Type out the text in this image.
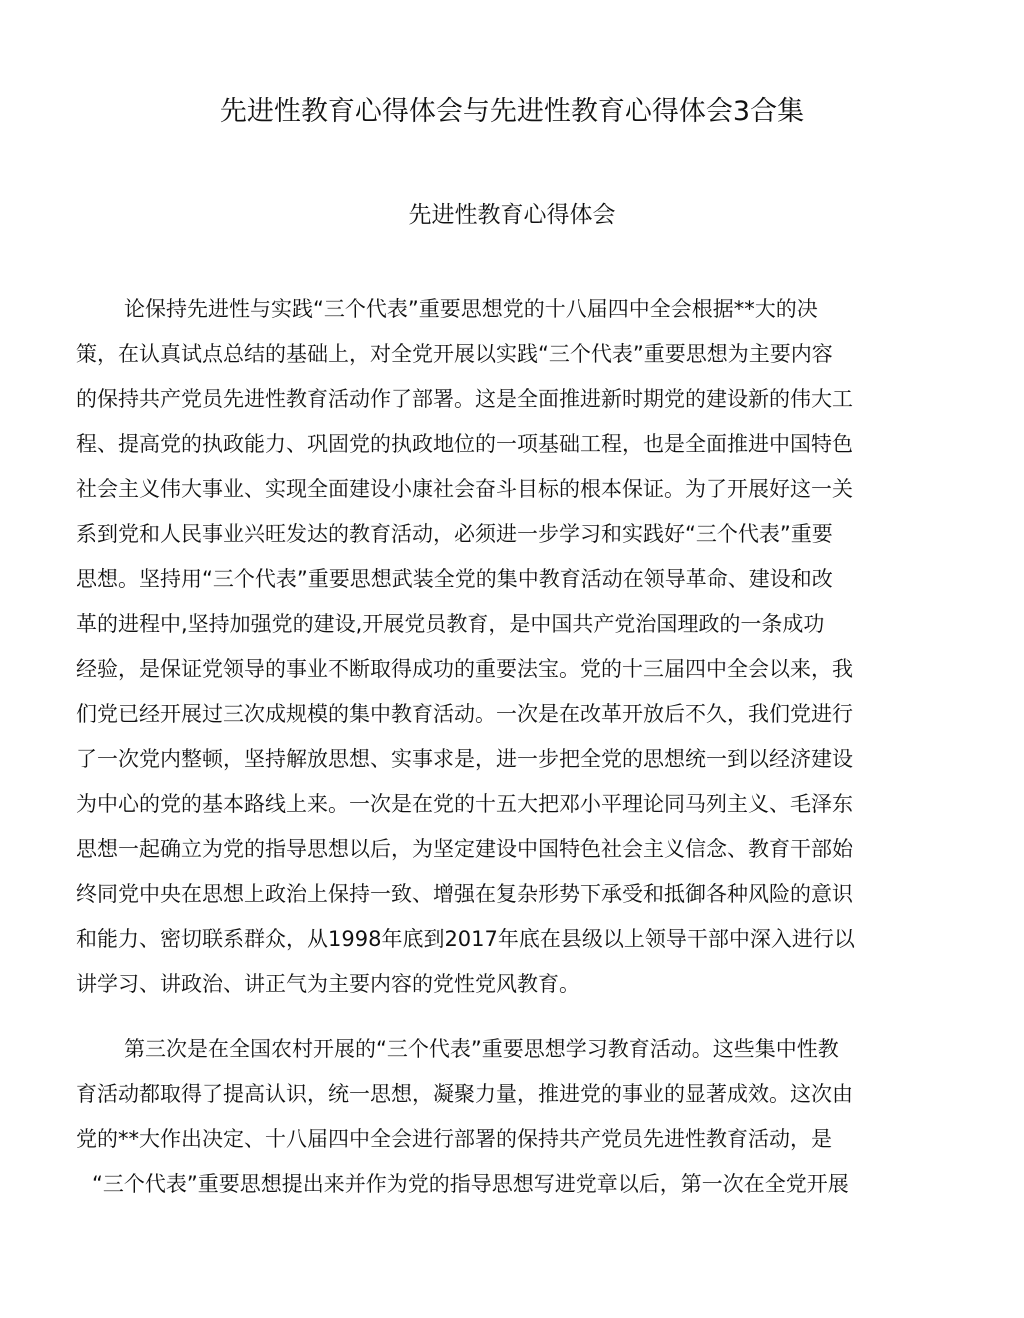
先进性教育心得体会与先进性教育心得体会3合集
先进性教育心得体会
论保持先进性与实践“三个代表”重要思想党的十八届四中全会根据**大的决
策，在认真试点总结的基础上，对全党开展以实践“三个代表”重要思想为主要内容
的保持共产党员先进性教育活动作了部署。这是全面推进新时期党的建设新的伟大工
程、提高党的执政能力、巩固党的执政地位的一项基础工程，也是全面推进中国特色
社会主义伟大事业、实现全面建设小康社会奋斗目标的根本保证。为了开展好这一关
系到党和人民事业兴旺发达的教育活动，必须进一步学习和实践好“三个代表”重要
思想。坚持用“三个代表”重要思想武装全党的集中教育活动在领导革命、建设和改
革的进程中,坚持加强党的建设,开展党员教育，是中国共产党治国理政的一条成功
经验，是保证党领导的事业不断取得成功的重要法宝。党的十三届四中全会以来，我
们党已经开展过三次成规模的集中教育活动。一次是在改革开放后不久，我们党进行
了一次党内整顿，坚持解放思想、实事求是，进一步把全党的思想统一到以经济建设
为中心的党的基本路线上来。一次是在党的十五大把邓小平理论同马列主义、毛泽东
思想一起确立为党的指导思想以后，为坚定建设中国特色社会主义信念、教育干部始
终同党中央在思想上政治上保持一致、增强在复杂形势下承受和抵御各种风险的意识
和能力、密切联系群众，从1998年底到2017年底在县级以上领导干部中深入进行以
讲学习、讲政治、讲正气为主要内容的党性党风教育。
第三次是在全国农村开展的“三个代表”重要思想学习教育活动。这些集中性教
育活动都取得了提高认识，统一思想，凝聚力量，推进党的事业的显著成效。这次由
党的**大作出决定、十八届四中全会进行部署的保持共产党员先进性教育活动，是
“三个代表”重要思想提出来并作为党的指导思想写进党章以后，第一次在全党开展
